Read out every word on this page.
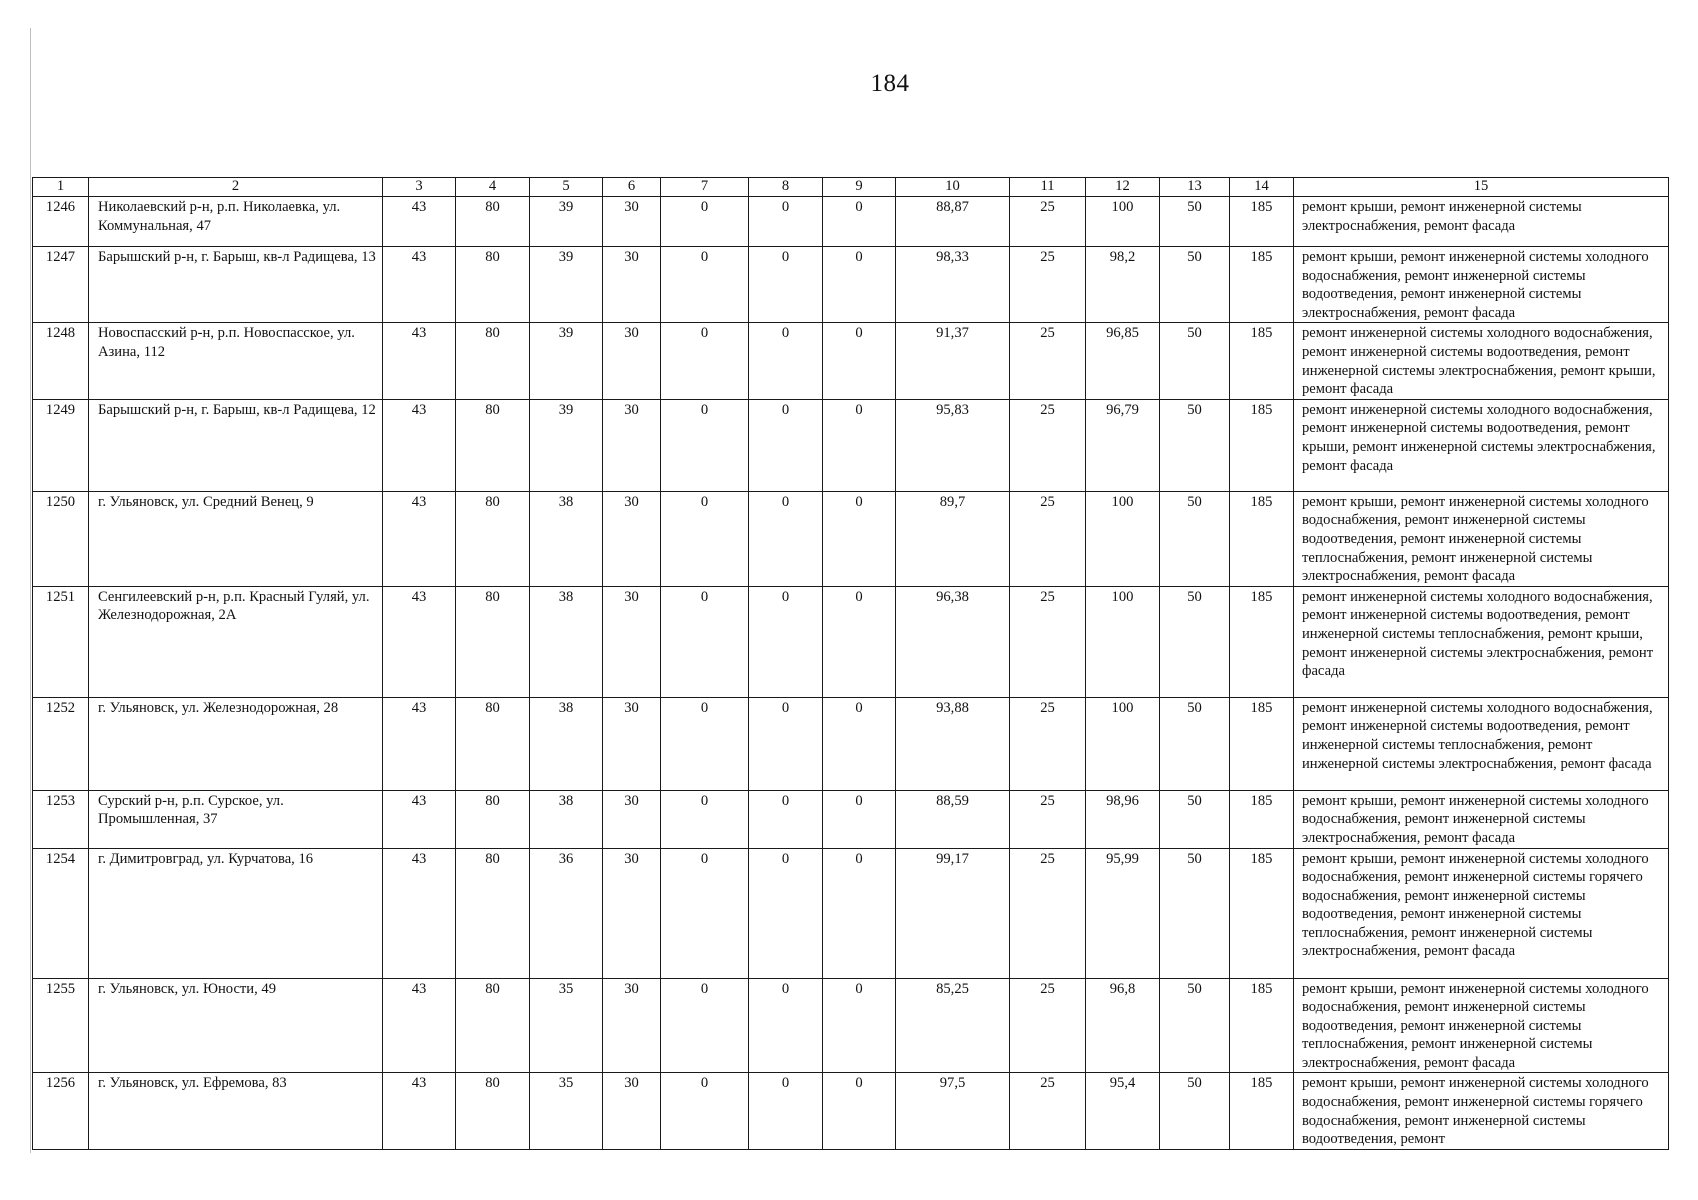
184
1	2	3	4	5	6	7	8	9	10	11	12	13	14	15
1246	Николаевский р-н, р.п. Николаевка, ул. Коммунальная, 47	43	80	39	30	0	0	0	88,87	25	100	50	185	ремонт крыши, ремонт инженерной системы электроснабжения, ремонт фасада
1247	Барышский р-н, г. Барыш, кв-л Радищева, 13	43	80	39	30	0	0	0	98,33	25	98,2	50	185	ремонт крыши, ремонт инженерной системы холодного водоснабжения, ремонт инженерной системы водоотведения, ремонт инженерной системы электроснабжения, ремонт фасада
1248	Новоспасский р-н, р.п. Новоспасское, ул. Азина, 112	43	80	39	30	0	0	0	91,37	25	96,85	50	185	ремонт инженерной системы холодного водоснабжения, ремонт инженерной системы водоотведения, ремонт инженерной системы электроснабжения, ремонт крыши, ремонт фасада
1249	Барышский р-н, г. Барыш, кв-л Радищева, 12	43	80	39	30	0	0	0	95,83	25	96,79	50	185	ремонт инженерной системы холодного водоснабжения, ремонт инженерной системы водоотведения, ремонт крыши, ремонт инженерной системы электроснабжения, ремонт фасада
1250	г. Ульяновск, ул. Средний Венец, 9	43	80	38	30	0	0	0	89,7	25	100	50	185	ремонт крыши, ремонт инженерной системы холодного водоснабжения, ремонт инженерной системы водоотведения, ремонт инженерной системы теплоснабжения, ремонт инженерной системы электроснабжения, ремонт фасада
1251	Сенгилеевский р-н, р.п. Красный Гуляй, ул. Железнодорожная, 2А	43	80	38	30	0	0	0	96,38	25	100	50	185	ремонт инженерной системы холодного водоснабжения, ремонт инженерной системы водоотведения, ремонт инженерной системы теплоснабжения, ремонт крыши, ремонт инженерной системы электроснабжения, ремонт фасада
1252	г. Ульяновск, ул. Железнодорожная, 28	43	80	38	30	0	0	0	93,88	25	100	50	185	ремонт инженерной системы холодного водоснабжения, ремонт инженерной системы водоотведения, ремонт инженерной системы теплоснабжения, ремонт инженерной системы электроснабжения, ремонт фасада
1253	Сурский р-н, р.п. Сурское, ул. Промышленная, 37	43	80	38	30	0	0	0	88,59	25	98,96	50	185	ремонт крыши, ремонт инженерной системы холодного водоснабжения, ремонт инженерной системы электроснабжения, ремонт фасада
1254	г. Димитровград, ул. Курчатова, 16	43	80	36	30	0	0	0	99,17	25	95,99	50	185	ремонт крыши, ремонт инженерной системы холодного водоснабжения, ремонт инженерной системы горячего водоснабжения, ремонт инженерной системы водоотведения, ремонт инженерной системы теплоснабжения, ремонт инженерной системы электроснабжения, ремонт фасада
1255	г. Ульяновск, ул. Юности, 49	43	80	35	30	0	0	0	85,25	25	96,8	50	185	ремонт крыши, ремонт инженерной системы холодного водоснабжения, ремонт инженерной системы водоотведения, ремонт инженерной системы теплоснабжения, ремонт инженерной системы электроснабжения, ремонт фасада
1256	г. Ульяновск, ул. Ефремова, 83	43	80	35	30	0	0	0	97,5	25	95,4	50	185	ремонт крыши, ремонт инженерной системы холодного водоснабжения, ремонт инженерной системы горячего водоснабжения, ремонт инженерной системы водоотведения, ремонт
